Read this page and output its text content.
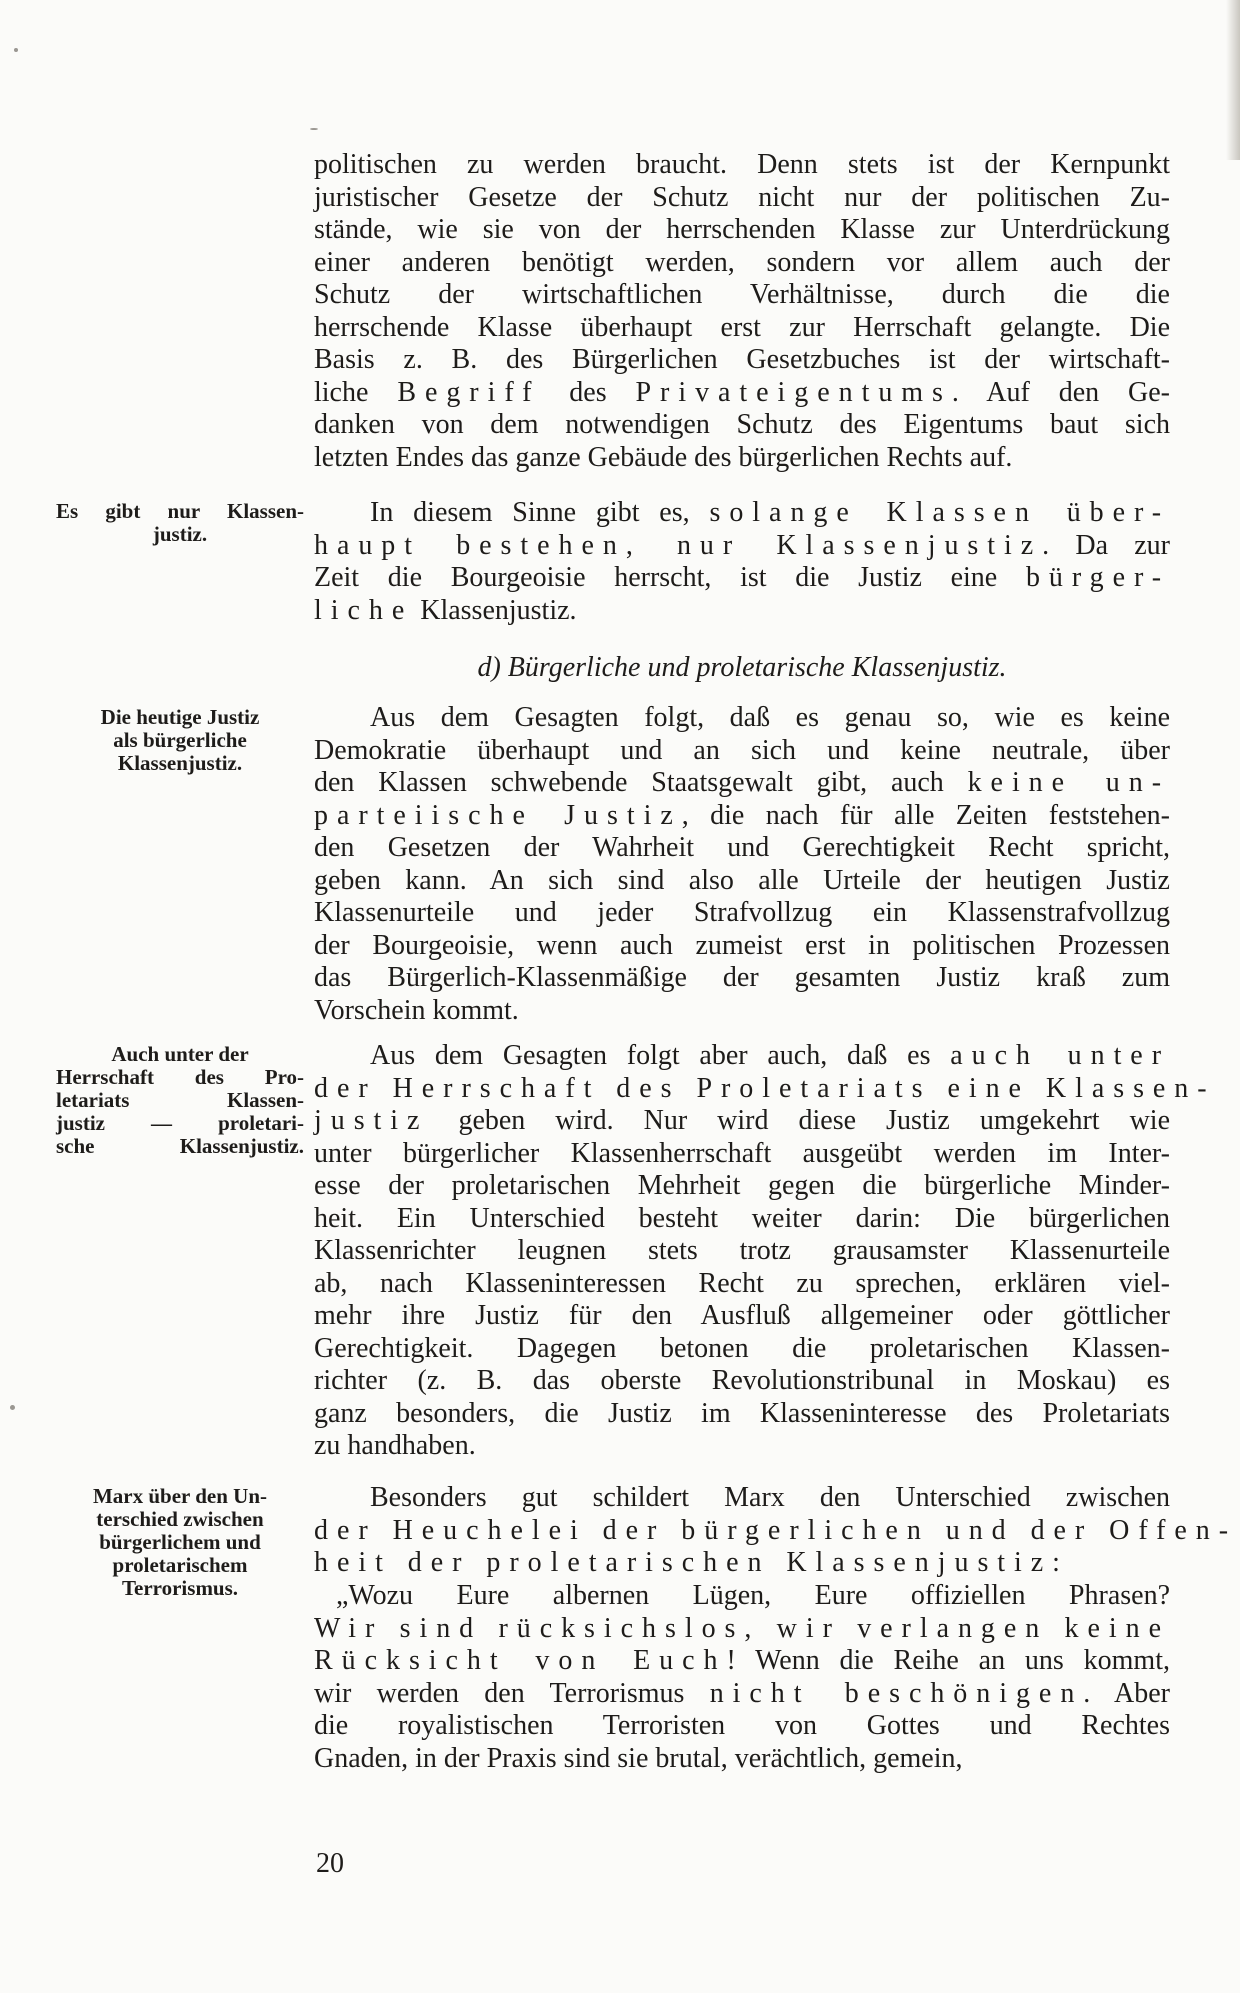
politischen zu werden braucht. Denn stets ist der Kernpunkt
juristischer Gesetze der Schutz nicht nur der politischen Zu-
stände, wie sie von der herrschenden Klasse zur Unterdrückung
einer anderen benötigt werden, sondern vor allem auch der
Schutz der wirtschaftlichen Verhältnisse, durch die die
herrschende Klasse überhaupt erst zur Herrschaft gelangte. Die
Basis z. B. des Bürgerlichen Gesetzbuches ist der wirtschaft-
liche Begriff des Privateigentums. Auf den Ge-
danken von dem notwendigen Schutz des Eigentums baut sich
letzten Endes das ganze Gebäude des bürgerlichen Rechts auf.
In diesem Sinne gibt es, solange Klassen über-
haupt bestehen, nur Klassenjustiz. Da zur
Zeit die Bourgeoisie herrscht, ist die Justiz eine bürger-
liche Klassenjustiz.
d) Bürgerliche und proletarische Klassenjustiz.
Aus dem Gesagten folgt, daß es genau so, wie es keine
Demokratie überhaupt und an sich und keine neutrale, über
den Klassen schwebende Staatsgewalt gibt, auch keine un-
parteiische Justiz, die nach für alle Zeiten feststehen-
den Gesetzen der Wahrheit und Gerechtigkeit Recht spricht,
geben kann. An sich sind also alle Urteile der heutigen Justiz
Klassenurteile und jeder Strafvollzug ein Klassenstrafvollzug
der Bourgeoisie, wenn auch zumeist erst in politischen Prozessen
das Bürgerlich-Klassenmäßige der gesamten Justiz kraß zum
Vorschein kommt.
Aus dem Gesagten folgt aber auch, daß es auch unter
der Herrschaft des Proletariats eine Klassen-
justiz geben wird. Nur wird diese Justiz umgekehrt wie
unter bürgerlicher Klassenherrschaft ausgeübt werden im Inter-
esse der proletarischen Mehrheit gegen die bürgerliche Minder-
heit. Ein Unterschied besteht weiter darin: Die bürgerlichen
Klassenrichter leugnen stets trotz grausamster Klassenurteile
ab, nach Klasseninteressen Recht zu sprechen, erklären viel-
mehr ihre Justiz für den Ausfluß allgemeiner oder göttlicher
Gerechtigkeit. Dagegen betonen die proletarischen Klassen-
richter (z. B. das oberste Revolutionstribunal in Moskau) es
ganz besonders, die Justiz im Klasseninteresse des Proletariats
zu handhaben.
Besonders gut schildert Marx den Unterschied zwischen
der Heuchelei der bürgerlichen und der Offen-
heit der proletarischen Klassenjustiz:
„Wozu Eure albernen Lügen, Eure offiziellen Phrasen?
Wir sind rücksichslos, wir verlangen keine
Rücksicht von Euch! Wenn die Reihe an uns kommt,
wir werden den Terrorismus nicht beschönigen. Aber
die royalistischen Terroristen von Gottes und Rechtes
Gnaden, in der Praxis sind sie brutal, verächtlich, gemein,
Es gibt nur Klassen-
justiz.
Die heutige Justiz
als bürgerliche
Klassenjustiz.
Auch unter der
Herrschaft des Pro-
letariats Klassen-
justiz — proletari-
sche Klassenjustiz.
Marx über den Un-
terschied zwischen
bürgerlichem und
proletarischem
Terrorismus.
20
